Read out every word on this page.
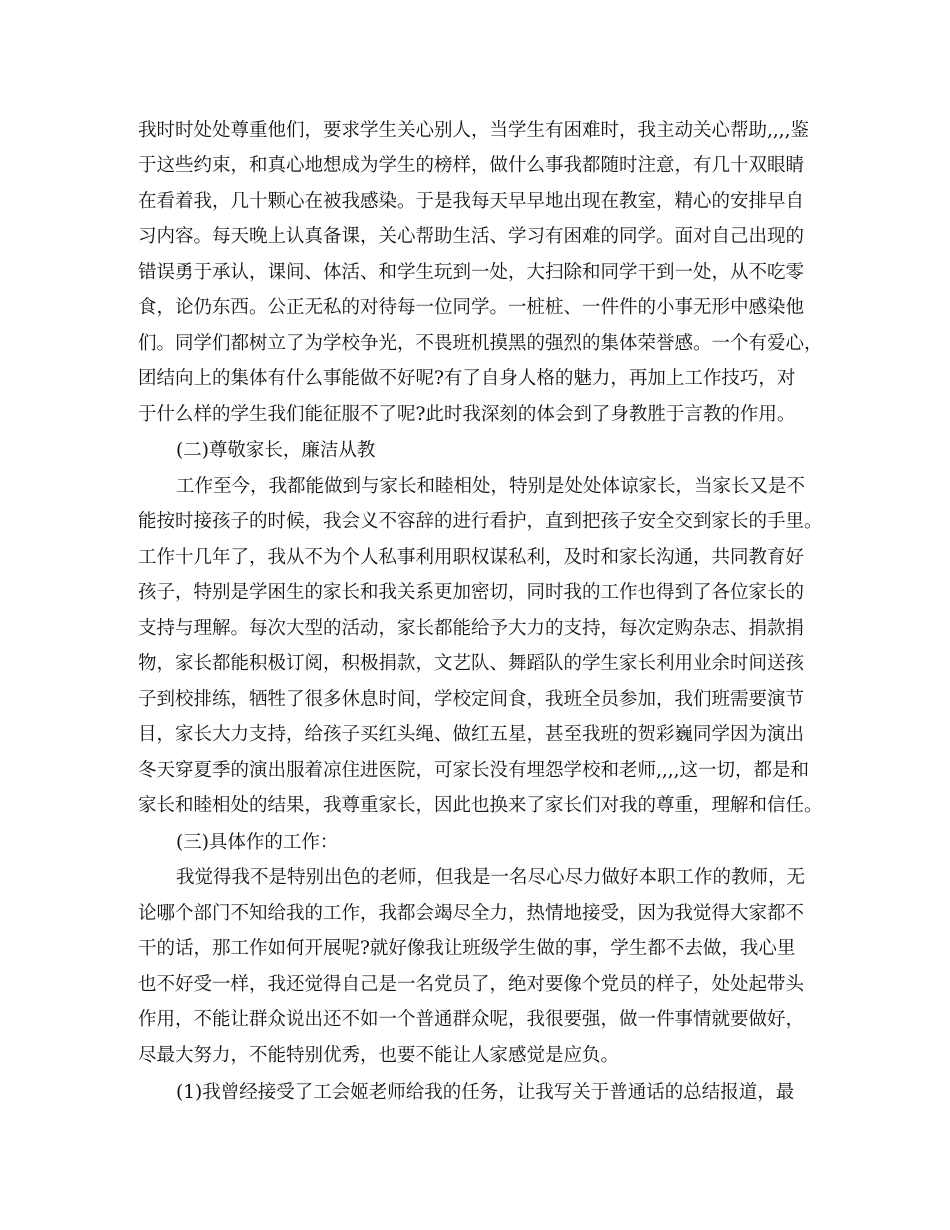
我时时处处尊重他们，要求学生关心别人，当学生有困难时，我主动关心帮助,,,,鉴
于这些约束，和真心地想成为学生的榜样，做什么事我都随时注意，有几十双眼睛
在看着我，几十颗心在被我感染。于是我每天早早地出现在教室，精心的安排早自
习内容。每天晚上认真备课，关心帮助生活、学习有困难的同学。面对自己出现的
错误勇于承认，课间、体活、和学生玩到一处，大扫除和同学干到一处，从不吃零
食，论仍东西。公正无私的对待每一位同学。一桩桩、一件件的小事无形中感染他
们。同学们都树立了为学校争光，不畏班机摸黑的强烈的集体荣誉感。一个有爱心，
团结向上的集体有什么事能做不好呢?有了自身人格的魅力，再加上工作技巧，对
于什么样的学生我们能征服不了呢?此时我深刻的体会到了身教胜于言教的作用。
(二)尊敬家长，廉洁从教
工作至今，我都能做到与家长和睦相处，特别是处处体谅家长，当家长又是不
能按时接孩子的时候，我会义不容辞的进行看护，直到把孩子安全交到家长的手里。
工作十几年了，我从不为个人私事利用职权谋私利，及时和家长沟通，共同教育好
孩子，特别是学困生的家长和我关系更加密切，同时我的工作也得到了各位家长的
支持与理解。每次大型的活动，家长都能给予大力的支持，每次定购杂志、捐款捐
物，家长都能积极订阅，积极捐款，文艺队、舞蹈队的学生家长利用业余时间送孩
子到校排练，牺牲了很多休息时间，学校定间食，我班全员参加，我们班需要演节
目，家长大力支持，给孩子买红头绳、做红五星，甚至我班的贺彩巍同学因为演出
冬天穿夏季的演出服着凉住进医院，可家长没有埋怨学校和老师,,,,这一切，都是和
家长和睦相处的结果，我尊重家长，因此也换来了家长们对我的尊重，理解和信任。
(三)具体作的工作：
我觉得我不是特别出色的老师，但我是一名尽心尽力做好本职工作的教师，无
论哪个部门不知给我的工作，我都会竭尽全力，热情地接受，因为我觉得大家都不
干的话，那工作如何开展呢?就好像我让班级学生做的事，学生都不去做，我心里
也不好受一样，我还觉得自己是一名党员了，绝对要像个党员的样子，处处起带头
作用，不能让群众说出还不如一个普通群众呢，我很要强，做一件事情就要做好，
尽最大努力，不能特别优秀，也要不能让人家感觉是应负。
(1)我曾经接受了工会姬老师给我的任务，让我写关于普通话的总结报道，最
